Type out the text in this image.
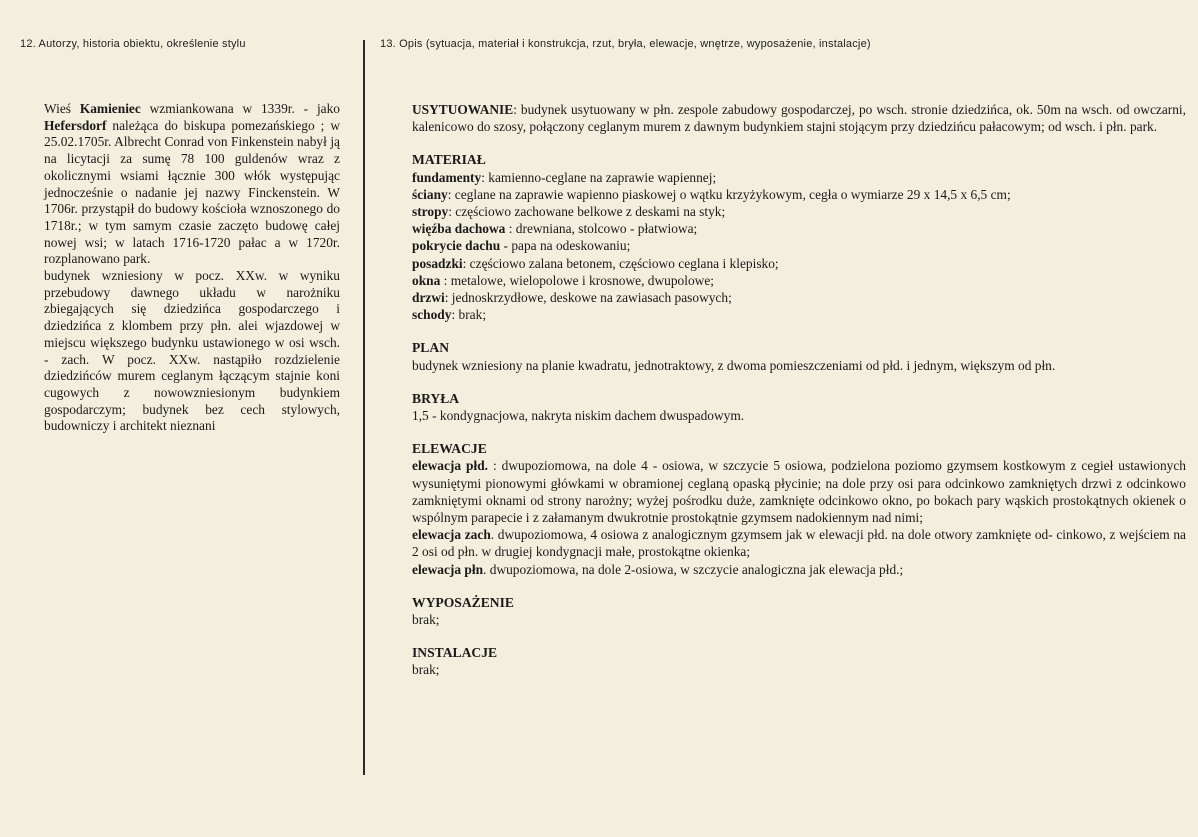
12. Autorzy, historia obiektu, określenie stylu	13. Opis (sytuacja, materiał i konstrukcja, rzut, bryła, elewacje, wnętrze, wyposażenie, instalacje)

Wieś Kamieniec wzmiankowana w 1339r. - jako Hefersdorf należąca do biskupa pomezańskiego ; w 25.02.1705r. Albrecht Conrad von Finkenstein nabył ją na licytacji za sumę 78 100 guldenów wraz z okolicznymi wsiami łącznie 300 włók występując jednocześnie o nadanie jej nazwy Finckenstein. W 1706r. przystąpił do budowy kościoła wznoszonego do 1718r.; w tym samym czasie zaczęto budowę całej nowej wsi; w latach 1716-1720 pałac a w 1720r. rozplanowano park.

budynek wzniesiony w pocz. XXw. w wyniku przebudowy dawnego układu w narożniku zbiegających się dziedzińca gospodarczego i dziedzińca z klombem przy płn. alei wjazdowej w miejscu większego budynku ustawionego w osi wsch. - zach. W pocz. XXw. nastąpiło rozdzielenie dziedzińców murem ceglanym łączącym stajnie koni cugowych z nowowzniesionym budynkiem gospodarczym; budynek bez cech stylowych, budowniczy i architekt nieznani

USYTUOWANIE: budynek usytuowany w płn. zespole zabudowy gospodarczej, po wsch. stronie dziedzińca, ok. 50m na wsch. od owczarni, kalenicowo do szosy, połączony ceglanym murem z dawnym budynkiem stajni stojącym przy dziedzińcu pałacowym; od wsch. i płn. park.

MATERIAŁ

fundamenty: kamienno-ceglane na zaprawie wapiennej;

ściany: ceglane na zaprawie wapienno piaskowej o wątku krzyżykowym, cegła o wymiarze 29 x 14,5 x 6,5 cm;

stropy: częściowo zachowane belkowe z deskami na styk;

więźba dachowa : drewniana, stolcowo - płatwiowa;

pokrycie dachu - papa na odeskowaniu;

posadzki: częściowo zalana betonem, częściowo ceglana i klepisko;

okna : metalowe, wielopolowe i krosnowe, dwupolowe;

drzwi: jednoskrzydłowe, deskowe na zawiasach pasowych;

schody: brak;

PLAN

budynek wzniesiony na planie kwadratu, jednotraktowy, z dwoma pomieszczeniami od płd. i jednym, większym od płn.

BRYŁA

1,5 - kondygnacjowa, nakryta niskim dachem dwuspadowym.

ELEWACJE

elewacja płd. : dwupoziomowa, na dole 4 - osiowa, w szczycie 5 osiowa, podzielona poziomo gzymsem kostkowym z cegieł ustawionych wysuniętymi pionowymi główkami w obramionej ceglaną opaską płycinie; na dole przy osi para odcinkowo zamkniętych drzwi z odcinkowo zamkniętymi oknami od strony narożny; wyżej pośrodku duże, zamknięte odcinkowo okno, po bokach pary wąskich prostokątnych okienek o wspólnym parapecie i z załamanym dwukrotnie prostokątnie gzymsem nadokiennym nad nimi;

elewacja zach. dwupoziomowa, 4 osiowa z analogicznym gzymsem jak w elewacji płd. na dole otwory zamknięte od- cinkowo, z wejściem na 2 osi od płn. w drugiej kondygnacji małe, prostokątne okienka;

elewacja płn. dwupoziomowa, na dole 2-osiowa, w szczycie analogiczna jak elewacja płd.;

WYPOSAŻENIE

brak;

INSTALACJE

brak;
